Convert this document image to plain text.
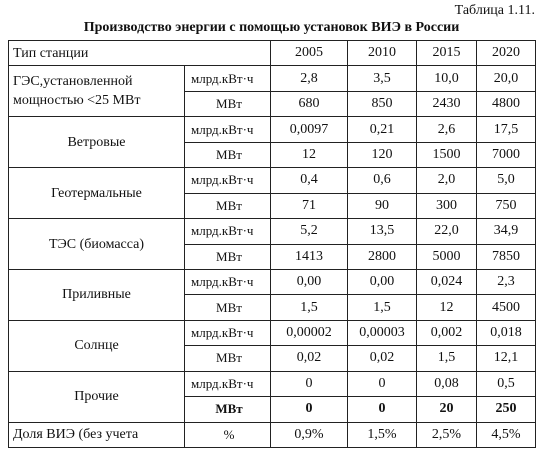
Таблица 1.11.
Производство энергии с помощью установок ВИЭ в России
Тип станции		2005	2010	2015	2020
ГЭС,установленной мощностью <25 МВт	млрд.кВт·ч	2,8	3,5	10,0	20,0
	МВт	680	850	2430	4800
Ветровые	млрд.кВт·ч	0,0097	0,21	2,6	17,5
	МВт	12	120	1500	7000
Геотермальные	млрд.кВт·ч	0,4	0,6	2,0	5,0
	МВт	71	90	300	750
ТЭС (биомасса)	млрд.кВт·ч	5,2	13,5	22,0	34,9
	МВт	1413	2800	5000	7850
Приливные	млрд.кВт·ч	0,00	0,00	0,024	2,3
	МВт	1,5	1,5	12	4500
Солнце	млрд.кВт·ч	0,00002	0,00003	0,002	0,018
	МВт	0,02	0,02	1,5	12,1
Прочие	млрд.кВт·ч	0	0	0,08	0,5
	МВт	0	0	20	250
Доля ВИЭ (без учета	%	0,9%	1,5%	2,5%	4,5%
